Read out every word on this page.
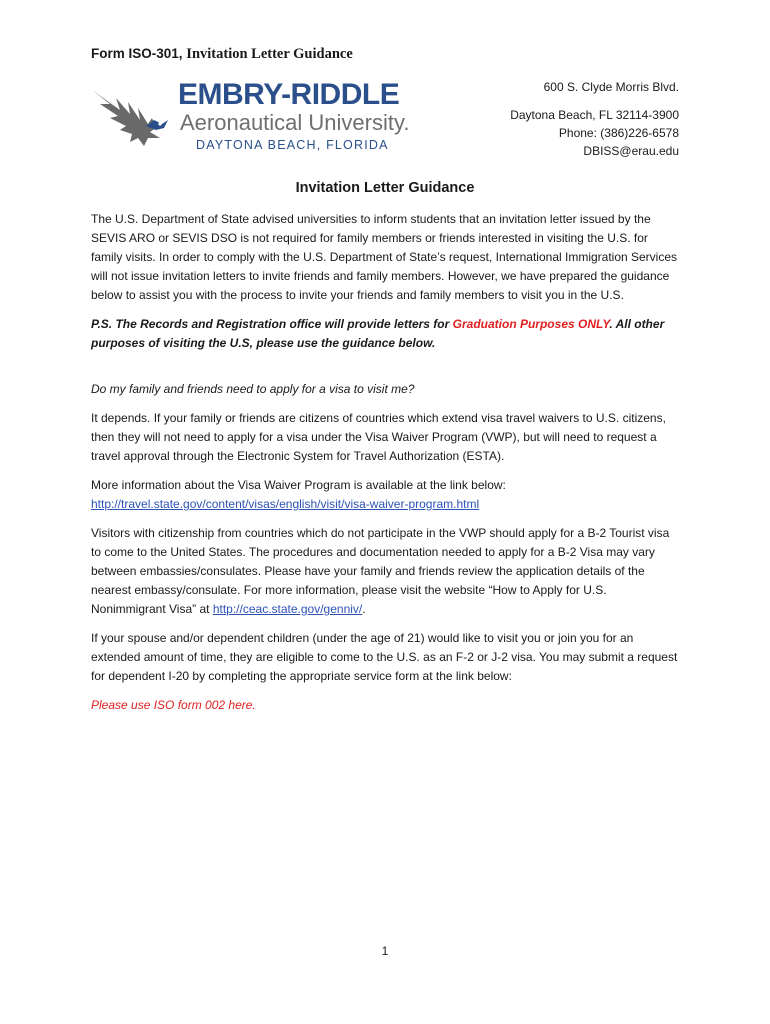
Form ISO-301, Invitation Letter Guidance
EMBRY-RIDDLE
Aeronautical University.
DAYTONA BEACH, FLORIDA
600 S. Clyde Morris Blvd.
Daytona Beach, FL 32114-3900
Phone: (386)226-6578
DBISS@erau.edu
Invitation Letter Guidance

The U.S. Department of State advised universities to inform students that an invitation letter issued by the SEVIS ARO or SEVIS DSO is not required for family members or friends interested in visiting the U.S. for family visits. In order to comply with the U.S. Department of State’s request, International Immigration Services will not issue invitation letters to invite friends and family members. However, we have prepared the guidance below to assist you with the process to invite your friends and family members to visit you in the U.S.

P.S. The Records and Registration office will provide letters for Graduation Purposes ONLY. All other purposes of visiting the U.S, please use the guidance below.

Do my family and friends need to apply for a visa to visit me?

It depends. If your family or friends are citizens of countries which extend visa travel waivers to U.S. citizens, then they will not need to apply for a visa under the Visa Waiver Program (VWP), but will need to request a travel approval through the Electronic System for Travel Authorization (ESTA).

More information about the Visa Waiver Program is available at the link below:
http://travel.state.gov/content/visas/english/visit/visa-waiver-program.html

Visitors with citizenship from countries which do not participate in the VWP should apply for a B-2 Tourist visa to come to the United States. The procedures and documentation needed to apply for a B-2 Visa may vary between embassies/consulates. Please have your family and friends review the application details of the nearest embassy/consulate. For more information, please visit the website “How to Apply for U.S. Nonimmigrant Visa” at http://ceac.state.gov/genniv/.

If your spouse and/or dependent children (under the age of 21) would like to visit you or join you for an extended amount of time, they are eligible to come to the U.S. as an F-2 or J-2 visa. You may submit a request for dependent I-20 by completing the appropriate service form at the link below:

Please use ISO form 002 here.

1
